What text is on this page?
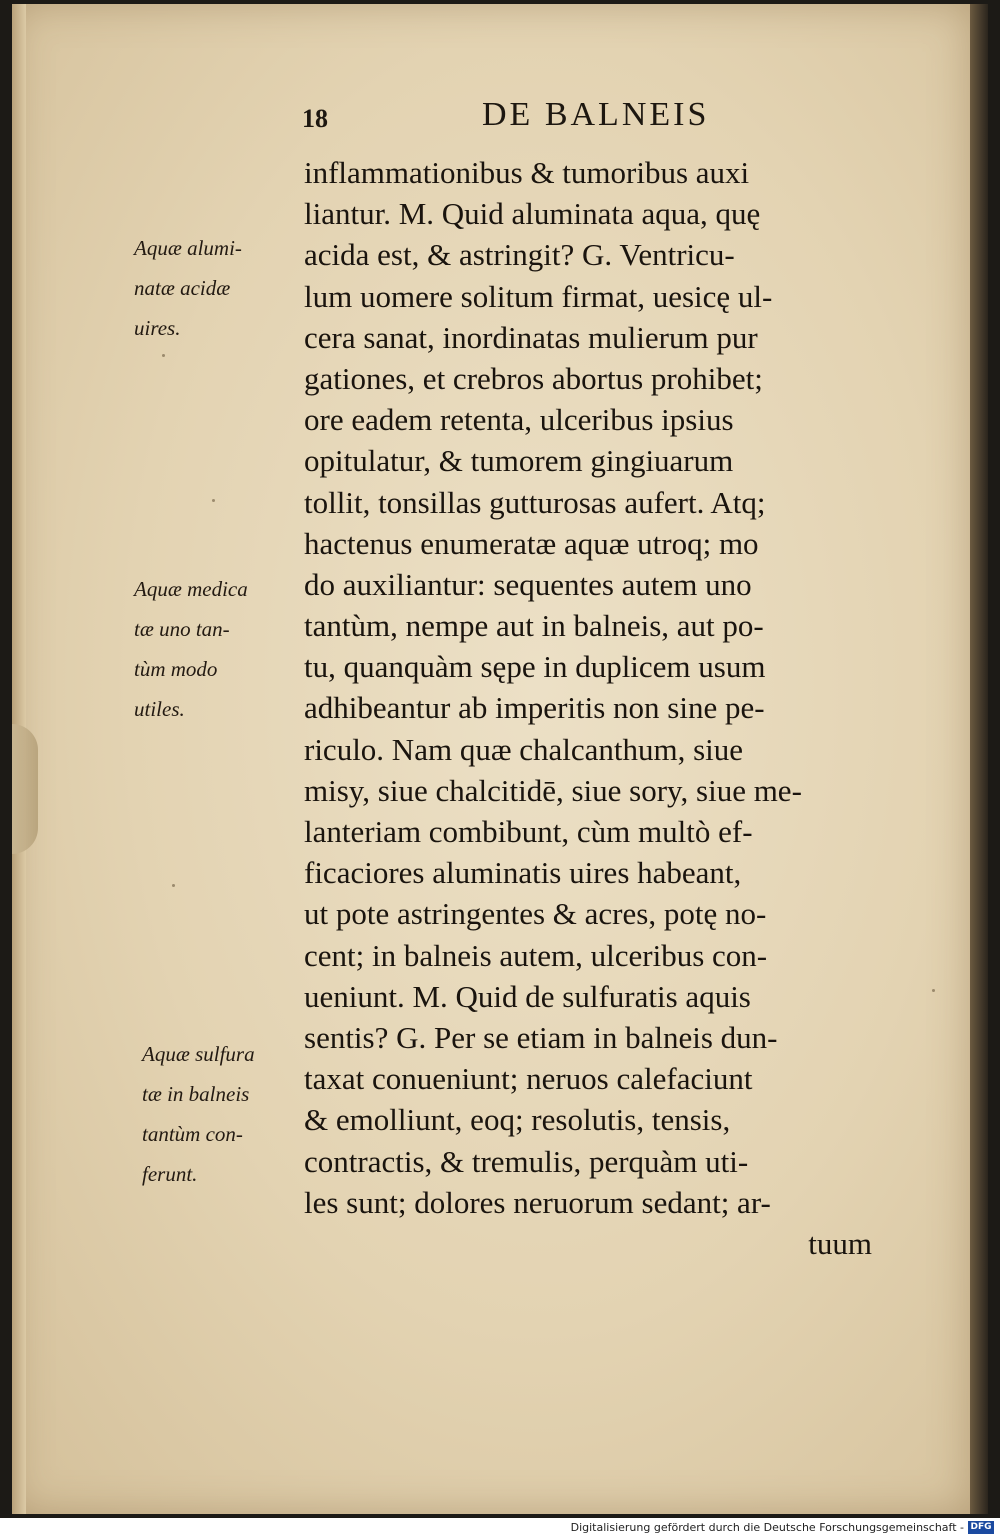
18	DE BALNEIS
inflammationibus & tumoribus auxi
liantur. M. Quid aluminata aqua, quę
acida est, & astringit? G. Ventricu-
lum uomere solitum firmat, uesicę ul-
cera sanat, inordinatas mulierum pur
gationes, et crebros abortus prohibet;
ore eadem retenta, ulceribus ipsius
opitulatur, & tumorem gingiuarum
tollit, tonsillas gutturosas aufert. Atq;
hactenus enumeratæ aquæ utroq; mo
do auxiliantur: sequentes autem uno
tantùm, nempe aut in balneis, aut po-
tu, quanquàm sępe in duplicem usum
adhibeantur ab imperitis non sine pe-
riculo. Nam quæ chalcanthum, siue
misy, siue chalcitidē, siue sory, siue me-
lanteriam combibunt, cùm multò ef-
ficaciores aluminatis uires habeant,
ut pote astringentes & acres, potę no-
cent; in balneis autem, ulceribus con-
ueniunt. M. Quid de sulfuratis aquis
sentis? G. Per se etiam in balneis dun-
taxat conueniunt; neruos calefaciunt
& emolliunt, eoq; resolutis, tensis,
contractis, & tremulis, perquàm uti-
les sunt; dolores neruorum sedant; ar-
tuum
Aquæ alumi-
natæ acidæ
uires.
Aquæ medica
tæ uno tan-
tùm modo
utiles.
Aquæ sulfura
tæ in balneis
tantùm con-
ferunt.
Digitalisierung gefördert durch die Deutsche Forschungsgemeinschaft - DFG
